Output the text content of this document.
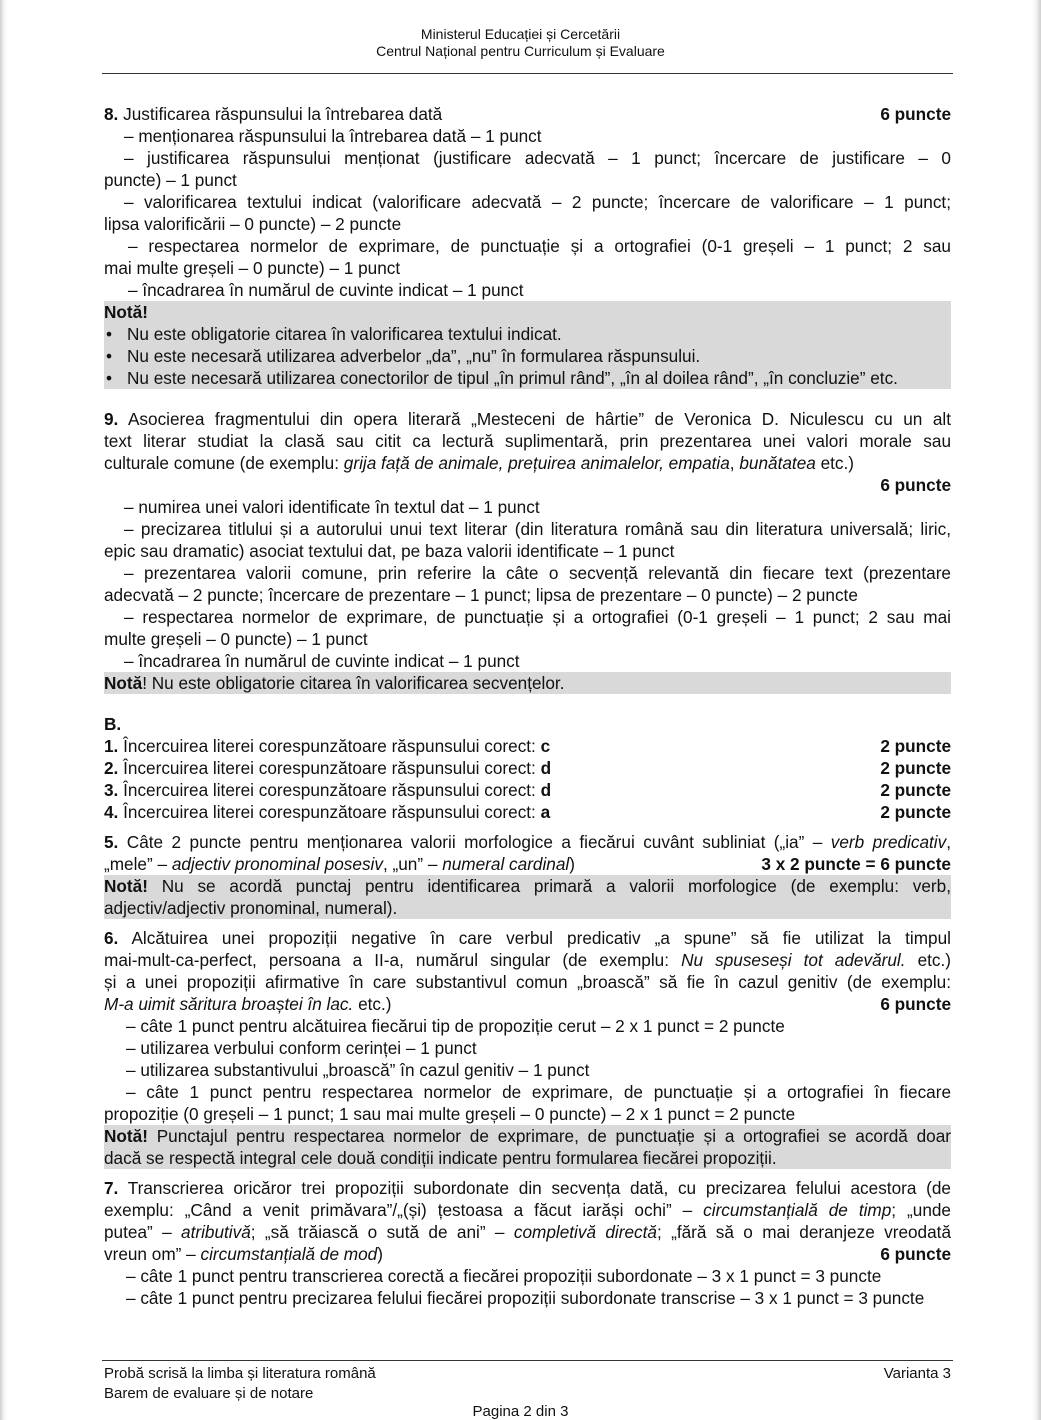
Ministerul Educației și Cercetării
Centrul Național pentru Curriculum și Evaluare
8. Justificarea răspunsului la întrebarea dată	6 puncte
– menționarea răspunsului la întrebarea dată – 1 punct
– justificarea răspunsului menționat (justificare adecvată – 1 punct; încercare de justificare – 0
puncte) – 1 punct
– valorificarea textului indicat (valorificare adecvată – 2 puncte; încercare de valorificare – 1 punct;
lipsa valorificării – 0 puncte) – 2 puncte
– respectarea normelor de exprimare, de punctuație și a ortografiei (0-1 greșeli – 1 punct; 2 sau
mai multe greșeli – 0 puncte) – 1 punct
– încadrarea în numărul de cuvinte indicat – 1 punct
Notă!
• Nu este obligatorie citarea în valorificarea textului indicat.
• Nu este necesară utilizarea adverbelor „da”, „nu” în formularea răspunsului.
• Nu este necesară utilizarea conectorilor de tipul „în primul rând”, „în al doilea rând”, „în concluzie” etc.
9. Asocierea fragmentului din opera literară „Mesteceni de hârtie” de Veronica D. Niculescu cu un alt
text literar studiat la clasă sau citit ca lectură suplimentară, prin prezentarea unei valori morale sau
culturale comune (de exemplu: grija față de animale, prețuirea animalelor, empatia, bunătatea etc.)
6 puncte
– numirea unei valori identificate în textul dat – 1 punct
– precizarea titlului și a autorului unui text literar (din literatura română sau din literatura universală; liric,
epic sau dramatic) asociat textului dat, pe baza valorii identificate – 1 punct
– prezentarea valorii comune, prin referire la câte o secvență relevantă din fiecare text (prezentare
adecvată – 2 puncte; încercare de prezentare – 1 punct; lipsa de prezentare – 0 puncte) – 2 puncte
– respectarea normelor de exprimare, de punctuație și a ortografiei (0-1 greșeli – 1 punct; 2 sau mai
multe greșeli – 0 puncte) – 1 punct
– încadrarea în numărul de cuvinte indicat – 1 punct
Notă! Nu este obligatorie citarea în valorificarea secvențelor.
B.
1. Încercuirea literei corespunzătoare răspunsului corect: c	2 puncte
2. Încercuirea literei corespunzătoare răspunsului corect: d	2 puncte
3. Încercuirea literei corespunzătoare răspunsului corect: d	2 puncte
4. Încercuirea literei corespunzătoare răspunsului corect: a	2 puncte
5. Câte 2 puncte pentru menționarea valorii morfologice a fiecărui cuvânt subliniat („ia” – verb predicativ,
„mele” – adjectiv pronominal posesiv, „un” – numeral cardinal)	3 x 2 puncte = 6 puncte
Notă! Nu se acordă punctaj pentru identificarea primară a valorii morfologice (de exemplu: verb,
adjectiv/adjectiv pronominal, numeral).
6. Alcătuirea unei propoziții negative în care verbul predicativ „a spune” să fie utilizat la timpul
mai-mult-ca-perfect, persoana a II-a, numărul singular (de exemplu: Nu spuseseși tot adevărul. etc.)
și a unei propoziții afirmative în care substantivul comun „broască” să fie în cazul genitiv (de exemplu:
M-a uimit săritura broaștei în lac. etc.)	6 puncte
– câte 1 punct pentru alcătuirea fiecărui tip de propoziție cerut – 2 x 1 punct = 2 puncte
– utilizarea verbului conform cerinței – 1 punct
– utilizarea substantivului „broască” în cazul genitiv – 1 punct
– câte 1 punct pentru respectarea normelor de exprimare, de punctuație și a ortografiei în fiecare
propoziție (0 greșeli – 1 punct; 1 sau mai multe greșeli – 0 puncte) – 2 x 1 punct = 2 puncte
Notă! Punctajul pentru respectarea normelor de exprimare, de punctuație și a ortografiei se acordă doar
dacă se respectă integral cele două condiții indicate pentru formularea fiecărei propoziții.
7. Transcrierea oricăror trei propoziții subordonate din secvența dată, cu precizarea felului acestora (de
exemplu: „Când a venit primăvara”/„(și) țestoasa a făcut iarăși ochi” – circumstanțială de timp; „unde
putea” – atributivă; „să trăiască o sută de ani” – completivă directă; „fără să o mai deranjeze vreodată
vreun om” – circumstanțială de mod)	6 puncte
– câte 1 punct pentru transcrierea corectă a fiecărei propoziții subordonate – 3 x 1 punct = 3 puncte
– câte 1 punct pentru precizarea felului fiecărei propoziții subordonate transcrise – 3 x 1 punct = 3 puncte
Probă scrisă la limba și literatura română
Barem de evaluare și de notare
Varianta 3
Pagina 2 din 3
